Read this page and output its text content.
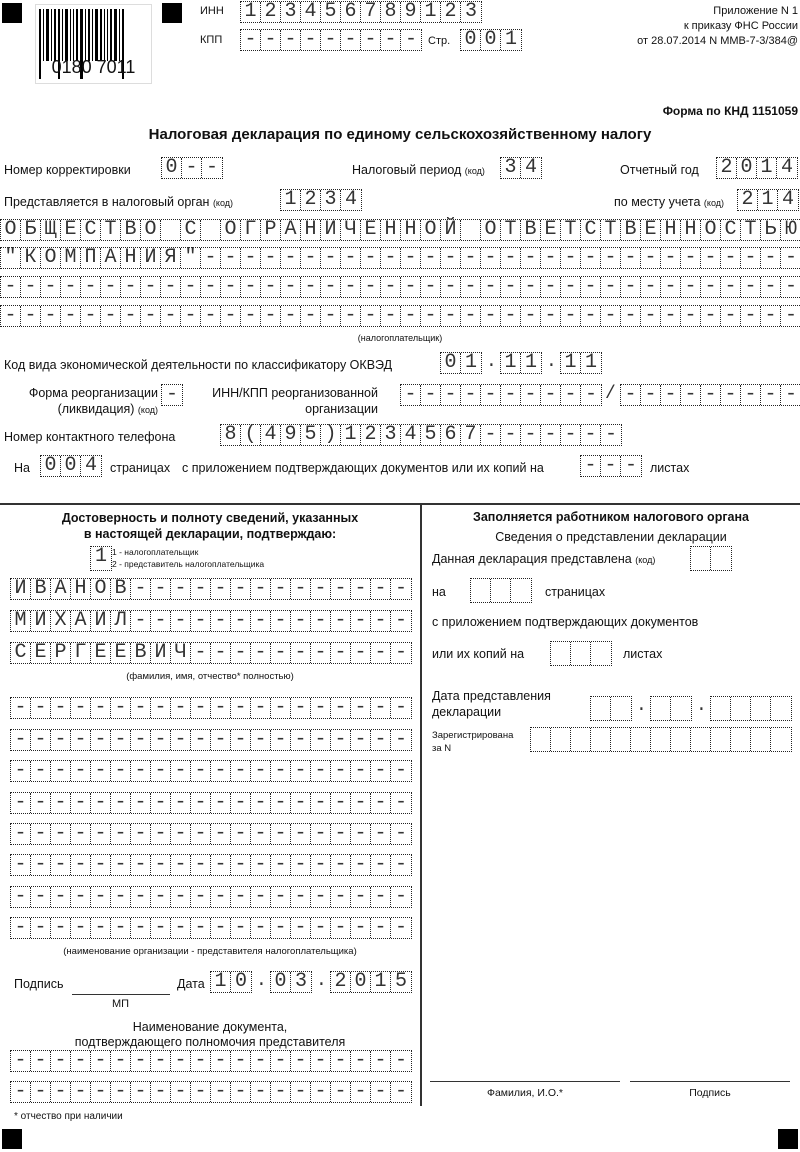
0180 7011
ИНН 1 2 3 4 5 6 7 8 9 1 2 3
КПП - - - - - - - - -	Стр. 0 0 1
Приложение N 1
к приказу ФНС России
от 28.07.2014 N ММВ-7-3/384@
Форма по КНД 1151059
Налоговая декларация по единому сельскохозяйственному налогу
Номер корректировки 0 - -	Налоговый период (код) 3 4	Отчетный год 2 0 1 4
Представляется в налоговый орган (код)	1 2 3 4	по месту учета (код) 2 1 4
О Б Щ Е С Т В О С О Г Р А Н И Ч Е Н Н О Й О Т В Е Т С Т В Е Н Н О С Т Ь Ю
" К О М П А Н И Я " - - - - - - - - - - - - - - - - - - - - - - - - - - - - - -
- - - - - - - - - - - - - - - - - - - - - - - - - - - - - - - - - - - - - - - -
- - - - - - - - - - - - - - - - - - - - - - - - - - - - - - - - - - - - - - - -
(налогоплательщик)
Код вида экономической деятельности по классификатору ОКВЭД	0 1 . 1 1 . 1 1
Форма реорганизации
(ликвидация) (код)
-	ИНН/КПП реорганизованной
организации
- - - - - - - - - - / - - - - - - - - -
Номер контактного телефона 8 ( 4 9 5 ) 1 2 3 4 5 6 7 - - - - - - -
На 0 0 4	страницах с приложением подтверждающих документов или их копий на - - -	листах
Достоверность и полноту сведений, указанных
в настоящей декларации, подтверждаю:
1 1 - налогоплательщик
2 - представитель налогоплательщика
И В А Н О В - - - - - - - - - - - - - -
М И Х А И Л - - - - - - - - - - - - - -
С Е Р Г Е Е В И Ч - - - - - - - - - - -
(фамилия, имя, отчество* полностью)
- - - - - - - - - - - - - - - - - - - -
- - - - - - - - - - - - - - - - - - - -
- - - - - - - - - - - - - - - - - - - -
- - - - - - - - - - - - - - - - - - - -
- - - - - - - - - - - - - - - - - - - -
- - - - - - - - - - - - - - - - - - - -
- - - - - - - - - - - - - - - - - - - -
- - - - - - - - - - - - - - - - - - - -
(наименование организации - представителя налогоплательщика)
Подпись
МП
Дата 1 0 . 0 3 . 2 0 1 5
Наименование документа,
подтверждающего полномочия представителя
- - - - - - - - - - - - - - - - - - - -
- - - - - - - - - - - - - - - - - - - -
* отчество при наличии
Заполняется работником налогового органа
Сведения о представлении декларации
Данная декларация представлена (код)
на	страницах
с приложением подтверждающих документов
или их копий на	листах
Дата представления
декларации	.	.
Зарегистрирована
за N
Фамилия, И.О.*	Подпись
